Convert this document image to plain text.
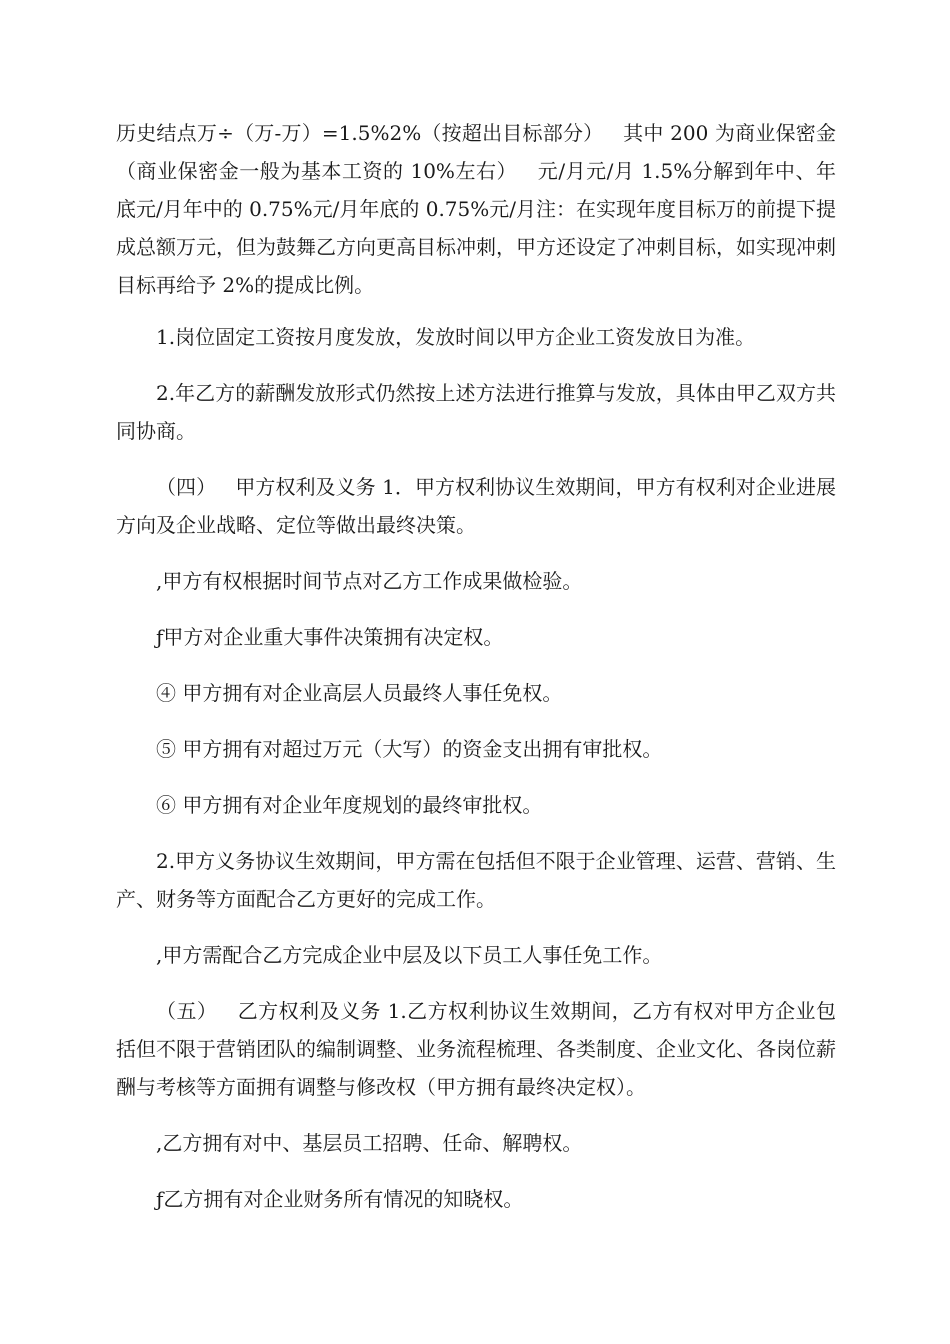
历史结点万÷（万-万）=1.5%2%（按超出目标部分）   其中 200 为商业保密金（商业保密金一般为基本工资的 10%左右）   元/月元/月 1.5%分解到年中、年底元/月年中的 0.75%元/月年底的 0.75%元/月注：在实现年度目标万的前提下提成总额万元，但为鼓舞乙方向更高目标冲刺，甲方还设定了冲刺目标，如实现冲刺目标再给予 2%的提成比例。

1.岗位固定工资按月度发放，发放时间以甲方企业工资发放日为准。

2.年乙方的薪酬发放形式仍然按上述方法进行推算与发放，具体由甲乙双方共同协商。

（四）   甲方权利及义务 1．甲方权利协议生效期间，甲方有权利对企业进展方向及企业战略、定位等做出最终决策。

,甲方有权根据时间节点对乙方工作成果做检验。

ƒ甲方对企业重大事件决策拥有决定权。

④ 甲方拥有对企业高层人员最终人事任免权。

⑤ 甲方拥有对超过万元（大写）的资金支出拥有审批权。

⑥ 甲方拥有对企业年度规划的最终审批权。

2.甲方义务协议生效期间，甲方需在包括但不限于企业管理、运营、营销、生产、财务等方面配合乙方更好的完成工作。

,甲方需配合乙方完成企业中层及以下员工人事任免工作。

（五）   乙方权利及义务 1.乙方权利协议生效期间，乙方有权对甲方企业包括但不限于营销团队的编制调整、业务流程梳理、各类制度、企业文化、各岗位薪酬与考核等方面拥有调整与修改权（甲方拥有最终决定权）。

,乙方拥有对中、基层员工招聘、任命、解聘权。

ƒ乙方拥有对企业财务所有情况的知晓权。
